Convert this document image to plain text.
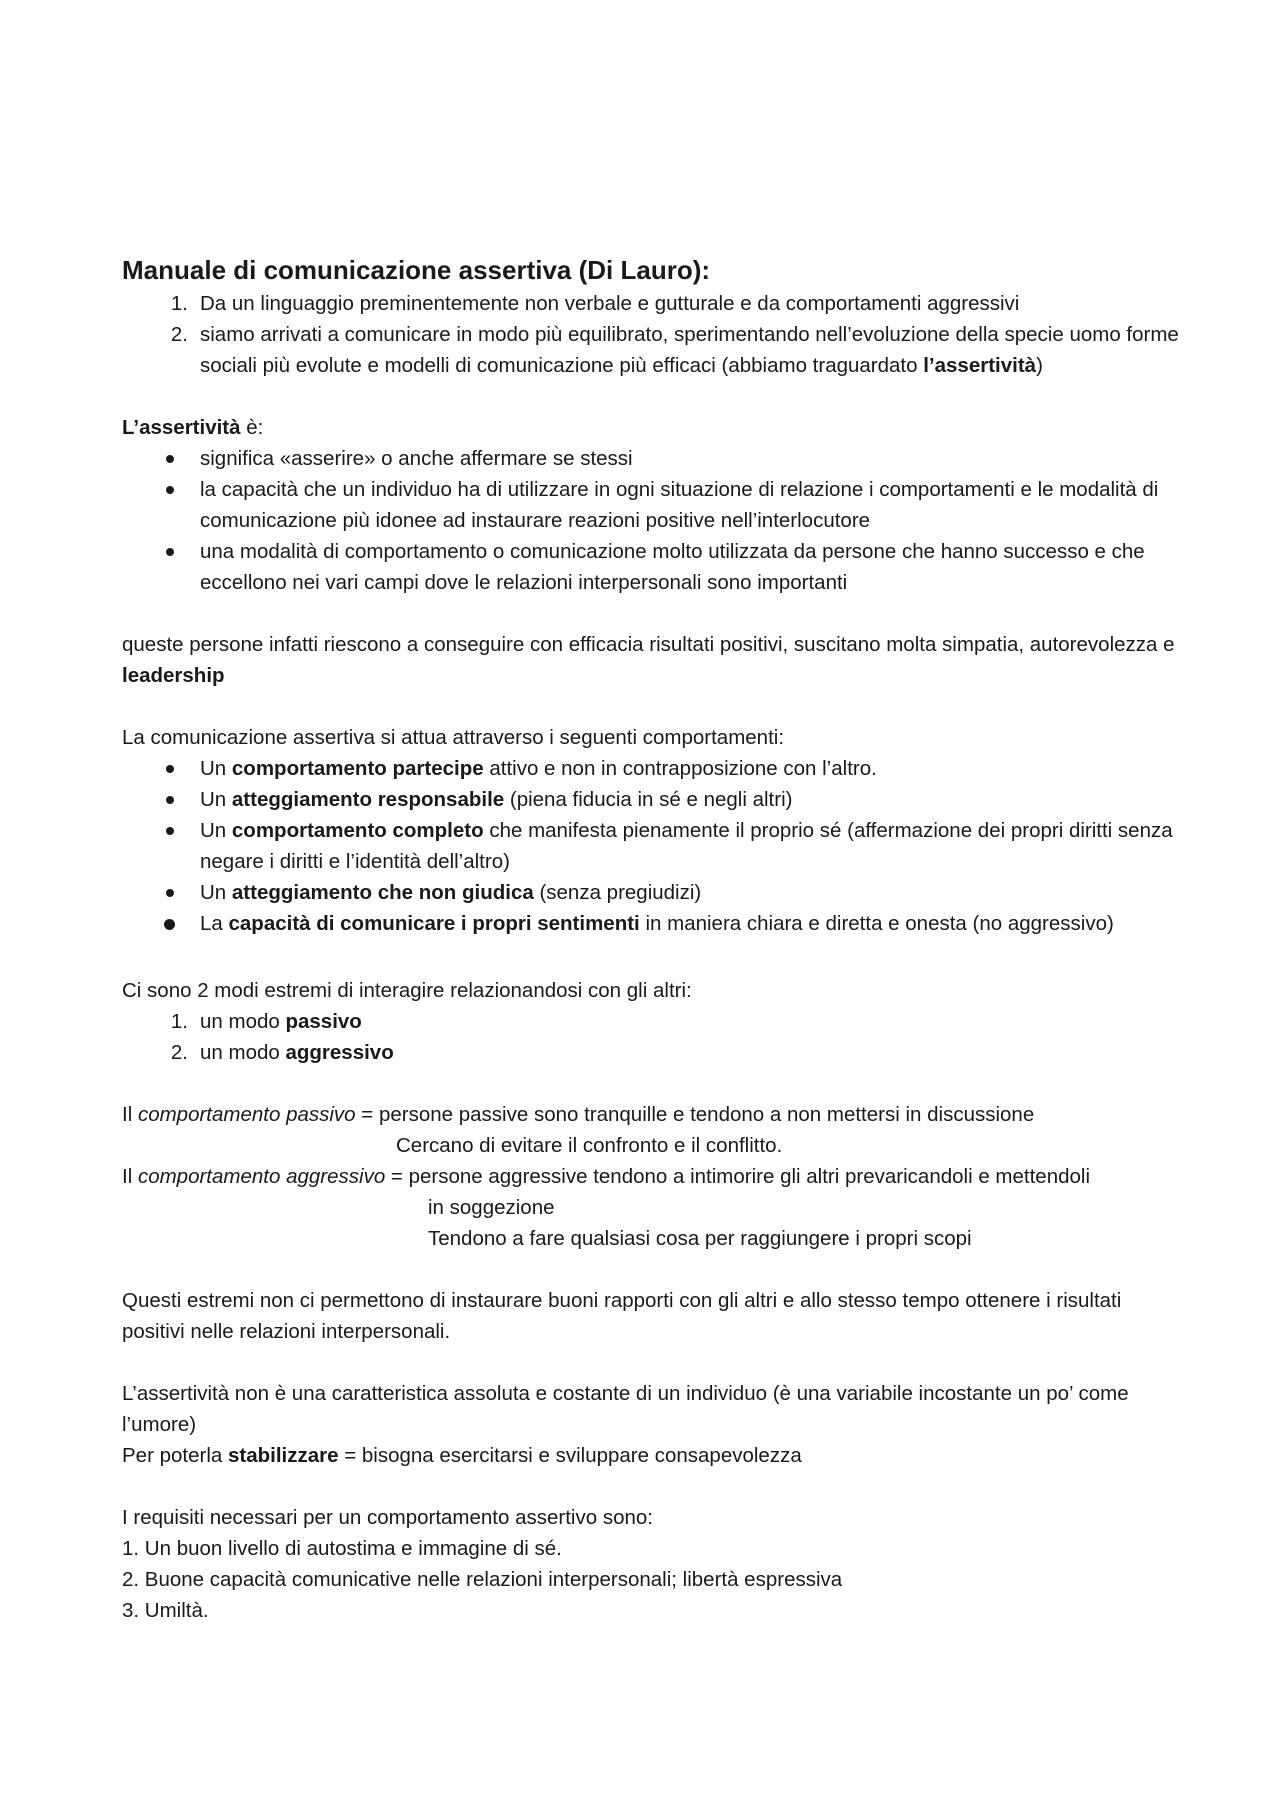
Manuale di comunicazione assertiva (Di Lauro):
1. Da un linguaggio preminentemente non verbale e gutturale e da comportamenti aggressivi
2. siamo arrivati a comunicare in modo più equilibrato, sperimentando nell’evoluzione della specie uomo forme sociali più evolute e modelli di comunicazione più efficaci (abbiamo traguardato l’assertività)

L’assertività è:

significa «asserire» o anche affermare se stessi
la capacità che un individuo ha di utilizzare in ogni situazione di relazione i comportamenti e le modalità di comunicazione più idonee ad instaurare reazioni positive nell’interlocutore
una modalità di comportamento o comunicazione molto utilizzata da persone che hanno successo e che eccellono nei vari campi dove le relazioni interpersonali sono importanti

queste persone infatti riescono a conseguire con efficacia risultati positivi, suscitano molta simpatia, autorevolezza e leadership

La comunicazione assertiva si attua attraverso i seguenti comportamenti:

Un comportamento partecipe attivo e non in contrapposizione con l’altro.
Un atteggiamento responsabile (piena fiducia in sé e negli altri)
Un comportamento completo che manifesta pienamente il proprio sé (affermazione dei propri diritti senza negare i diritti e l’identità dell’altro)
Un atteggiamento che non giudica (senza pregiudizi)
La capacità di comunicare i propri sentimenti in maniera chiara e diretta e onesta (no aggressivo)

Ci sono 2 modi estremi di interagire relazionandosi con gli altri:

1. un modo passivo
2. un modo aggressivo

Il comportamento passivo = persone passive sono tranquille e tendono a non mettersi in discussione

Cercano di evitare il confronto e il conflitto.

Il comportamento aggressivo = persone aggressive tendono a intimorire gli altri prevaricandoli e mettendoli

in soggezione

Tendono a fare qualsiasi cosa per raggiungere i propri scopi

Questi estremi non ci permettono di instaurare buoni rapporti con gli altri e allo stesso tempo ottenere i risultati positivi nelle relazioni interpersonali.

L’assertività non è una caratteristica assoluta e costante di un individuo (è una variabile incostante un po’ come l’umore)

Per poterla stabilizzare = bisogna esercitarsi e sviluppare consapevolezza

I requisiti necessari per un comportamento assertivo sono:

1. Un buon livello di autostima e immagine di sé.

2. Buone capacità comunicative nelle relazioni interpersonali; libertà espressiva

3. Umiltà.
